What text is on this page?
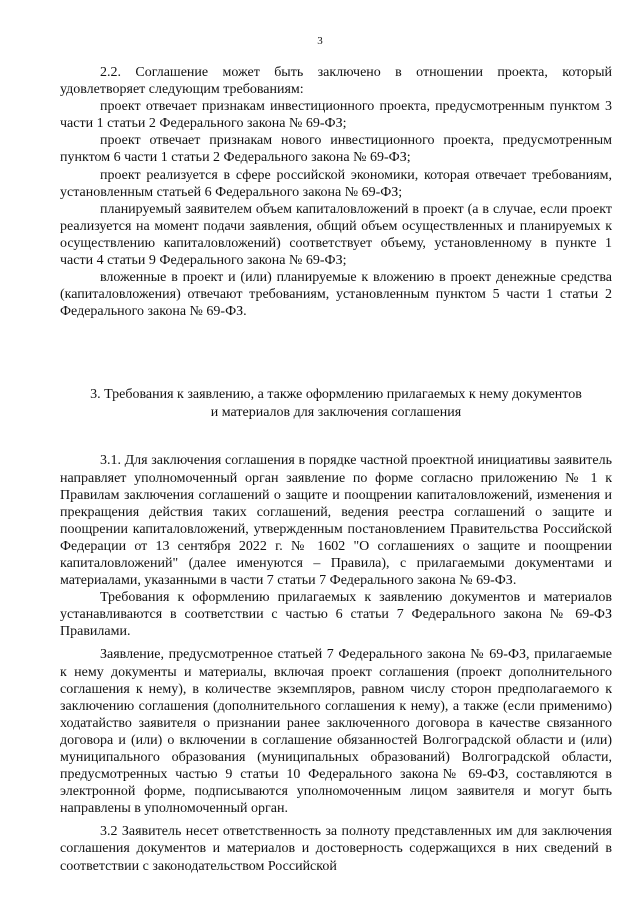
3

2.2. Соглашение может быть заключено в отношении проекта, который удовлетворяет следующим требованиям:

проект отвечает признакам инвестиционного проекта, предусмотренным пунктом 3 части 1 статьи 2 Федерального закона № 69-ФЗ;

проект отвечает признакам нового инвестиционного проекта, предусмотренным пунктом 6 части 1 статьи 2 Федерального закона № 69-ФЗ;

проект реализуется в сфере российской экономики, которая отвечает требованиям, установленным статьей 6 Федерального закона № 69-ФЗ;

планируемый заявителем объем капиталовложений в проект (а в случае, если проект реализуется на момент подачи заявления, общий объем осуществленных и планируемых к осуществлению капиталовложений) соответствует объему, установленному в пункте 1 части 4 статьи 9 Федерального закона № 69-ФЗ;

вложенные в проект и (или) планируемые к вложению в проект денежные средства (капиталовложения) отвечают требованиям, установленным пунктом 5 части 1 статьи 2 Федерального закона № 69-ФЗ.

3. Требования к заявлению, а также оформлению прилагаемых к нему документов
и материалов для заключения соглашения

3.1. Для заключения соглашения в порядке частной проектной инициативы заявитель направляет уполномоченный орган заявление по форме согласно приложению № 1 к Правилам заключения соглашений о защите и поощрении капиталовложений, изменения и прекращения действия таких соглашений, ведения реестра соглашений о защите и поощрении капиталовложений, утвержденным постановлением Правительства Российской Федерации от 13 сентября 2022 г. № 1602 "О соглашениях о защите и поощрении капиталовложений" (далее именуются – Правила), с прилагаемыми документами и материалами, указанными в части 7 статьи 7 Федерального закона № 69-ФЗ.

Требования к оформлению прилагаемых к заявлению документов и материалов устанавливаются в соответствии с частью 6 статьи 7 Федерального закона № 69-ФЗ Правилами.

Заявление, предусмотренное статьей 7 Федерального закона № 69-ФЗ, прилагаемые к нему документы и материалы, включая проект соглашения (проект дополнительного соглашения к нему), в количестве экземпляров, равном числу сторон предполагаемого к заключению соглашения (дополнительного соглашения к нему), а также (если применимо) ходатайство заявителя о признании ранее заключенного договора в качестве связанного договора и (или) о включении в соглашение обязанностей Волгоградской области и (или) муниципального образования (муниципальных образований) Волгоградской области, предусмотренных частью 9 статьи 10 Федерального закона№ 69-ФЗ, составляются в электронной форме, подписываются уполномоченным лицом заявителя и могут быть направлены в уполномоченный орган.

3.2 Заявитель несет ответственность за полноту представленных им для заключения соглашения документов и материалов и достоверность содержащихся в них сведений в соответствии с законодательством Российской
